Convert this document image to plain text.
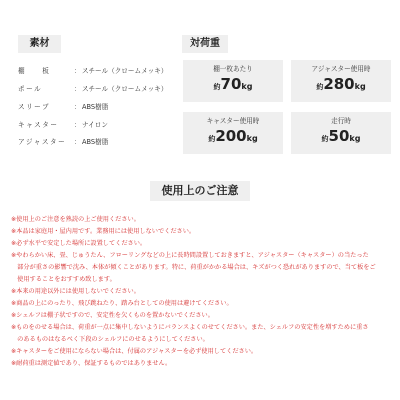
素材	対荷重
棚　　板	：スチール（クロームメッキ）
ポール	：スチール（クロームメッキ）
スリーブ	：ABS樹脂
キャスター ：ナイロン
アジャスター ：ABS樹脂
棚一枚あたり
約70kg
アジャスター使用時
約280kg
キャスター使用時
約200kg
走行時
約50kg
使用上のご注意
※使用上のご注意を熟読の上ご使用ください。
※本品は家庭用・屋内用です。業務用には使用しないでください。
※必ず水平で安定した場所に設置してください。
※やわらかい床、畳、じゅうたん、フローリングなどの上に長時間設置しておきますと、アジャスター（キャスター）の当たった
　部分が重さの影響で沈み、本体が傾くことがあります。特に、荷重がかかる場合は、キズがつく恐れがありますので、当て板をご
　使用することをおすすめ致します。
※本来の用途以外には使用しないでください。
※商品の上にのったり、飛び跳ねたり、踏み台としての使用は避けてください。
※シェルフは棚子状ですので、安定性を欠くものを置かないでください。
※ものをのせる場合は、荷重が一点に集中しないようにバランスよくのせてください。また、シェルフの安定性を増すために重さ
　のあるものはなるべく下段のシェルフにのせるようにしてください。
※キャスターをご使用にならない場合は、付属のアジャスターを必ず使用してください。
※耐荷重は測定値であり、保証するものではありません。
